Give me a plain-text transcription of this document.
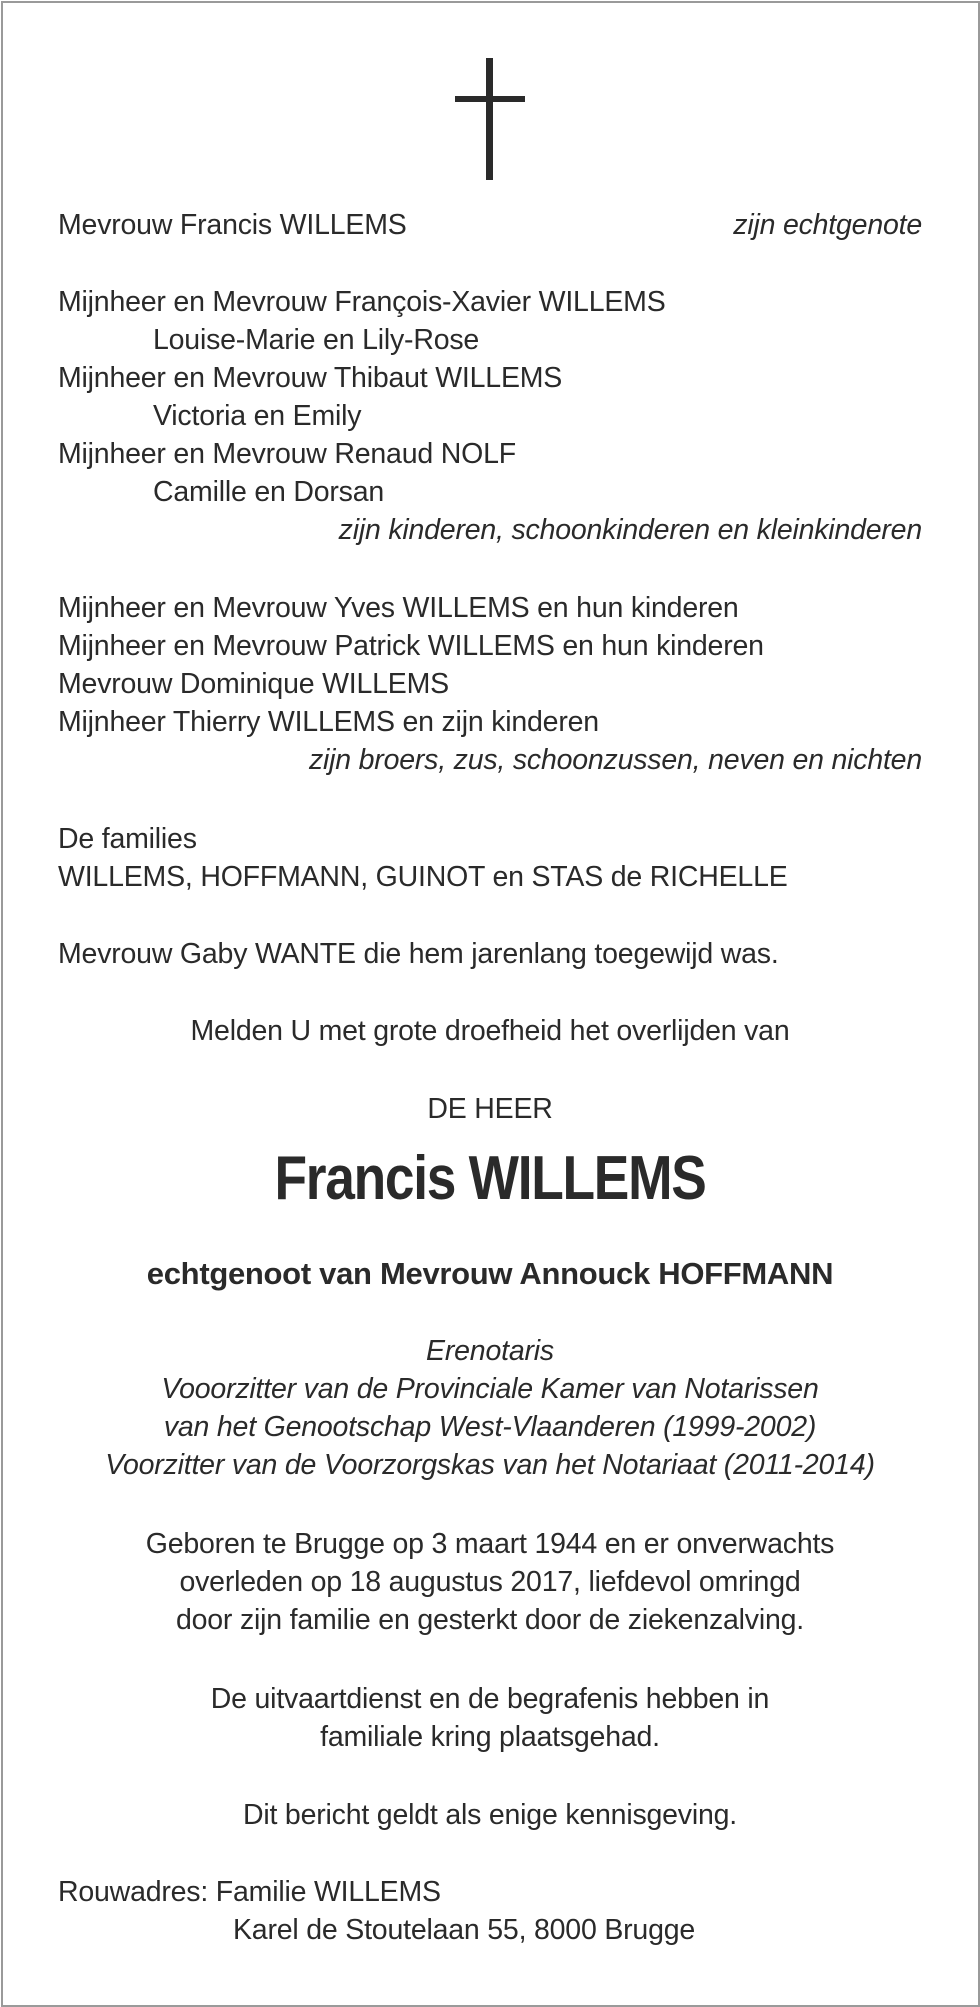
Mevrouw Francis WILLEMS	zijn echtgenote
Mijnheer en Mevrouw François-Xavier WILLEMS
Louise-Marie en Lily-Rose
Mijnheer en Mevrouw Thibaut WILLEMS
Victoria en Emily
Mijnheer en Mevrouw Renaud NOLF
Camille en Dorsan
zijn kinderen, schoonkinderen en kleinkinderen
Mijnheer en Mevrouw Yves WILLEMS en hun kinderen
Mijnheer en Mevrouw Patrick WILLEMS en hun kinderen
Mevrouw Dominique WILLEMS
Mijnheer Thierry WILLEMS en zijn kinderen
zijn broers, zus, schoonzussen, neven en nichten
De families
WILLEMS, HOFFMANN, GUINOT en STAS de RICHELLE
Mevrouw Gaby WANTE die hem jarenlang toegewijd was.
Melden U met grote droefheid het overlijden van
DE HEER
Francis WILLEMS
echtgenoot van Mevrouw Annouck HOFFMANN
Erenotaris
Vooorzitter van de Provinciale Kamer van Notarissen
van het Genootschap West-Vlaanderen (1999-2002)
Voorzitter van de Voorzorgskas van het Notariaat (2011-2014)
Geboren te Brugge op 3 maart 1944 en er onverwachts
overleden op 18 augustus 2017, liefdevol omringd
door zijn familie en gesterkt door de ziekenzalving.
De uitvaartdienst en de begrafenis hebben in
familiale kring plaatsgehad.
Dit bericht geldt als enige kennisgeving.
Rouwadres: Familie WILLEMS
Karel de Stoutelaan 55, 8000 Brugge
